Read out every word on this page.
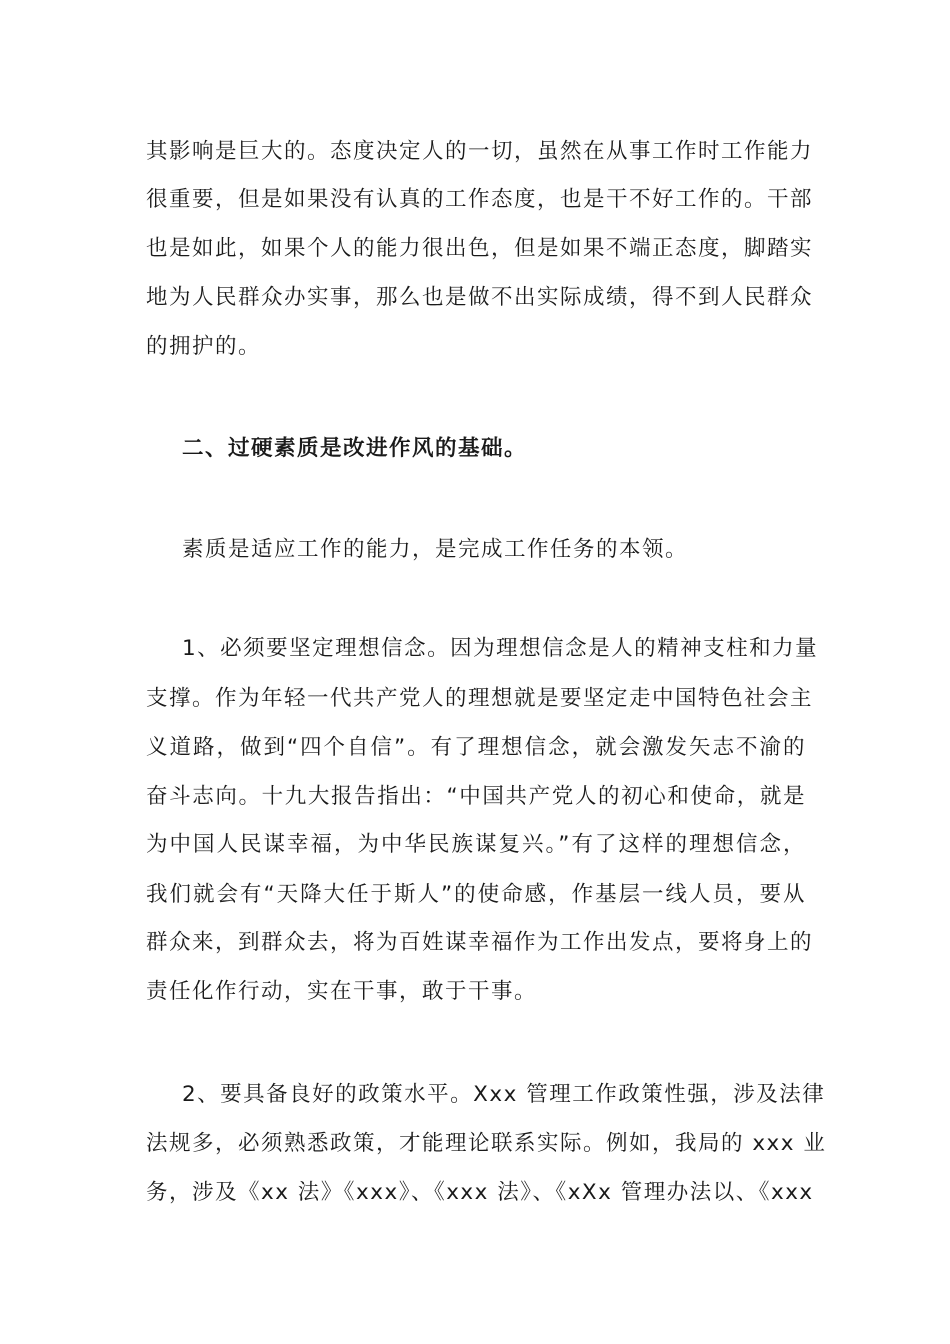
其影响是巨大的。态度决定人的一切，虽然在从事工作时工作能力
很重要，但是如果没有认真的工作态度，也是干不好工作的。干部
也是如此，如果个人的能力很出色，但是如果不端正态度，脚踏实
地为人民群众办实事，那么也是做不出实际成绩，得不到人民群众
的拥护的。
二、过硬素质是改进作风的基础。
素质是适应工作的能力，是完成工作任务的本领。
1、必须要坚定理想信念。因为理想信念是人的精神支柱和力量
支撑。作为年轻一代共产党人的理想就是要坚定走中国特色社会主
义道路，做到“四个自信”。有了理想信念，就会激发矢志不渝的
奋斗志向。十九大报告指出：“中国共产党人的初心和使命，就是
为中国人民谋幸福，为中华民族谋复兴。”有了这样的理想信念，
我们就会有“天降大任于斯人”的使命感，作基层一线人员，要从
群众来，到群众去，将为百姓谋幸福作为工作出发点，要将身上的
责任化作行动，实在干事，敢于干事。
2、要具备良好的政策水平。Xxx 管理工作政策性强，涉及法律
法规多，必须熟悉政策，才能理论联系实际。例如，我局的 xxx 业
务，涉及《xx 法》《xxx》、《xxx 法》、《xXx 管理办法以、《xxx
